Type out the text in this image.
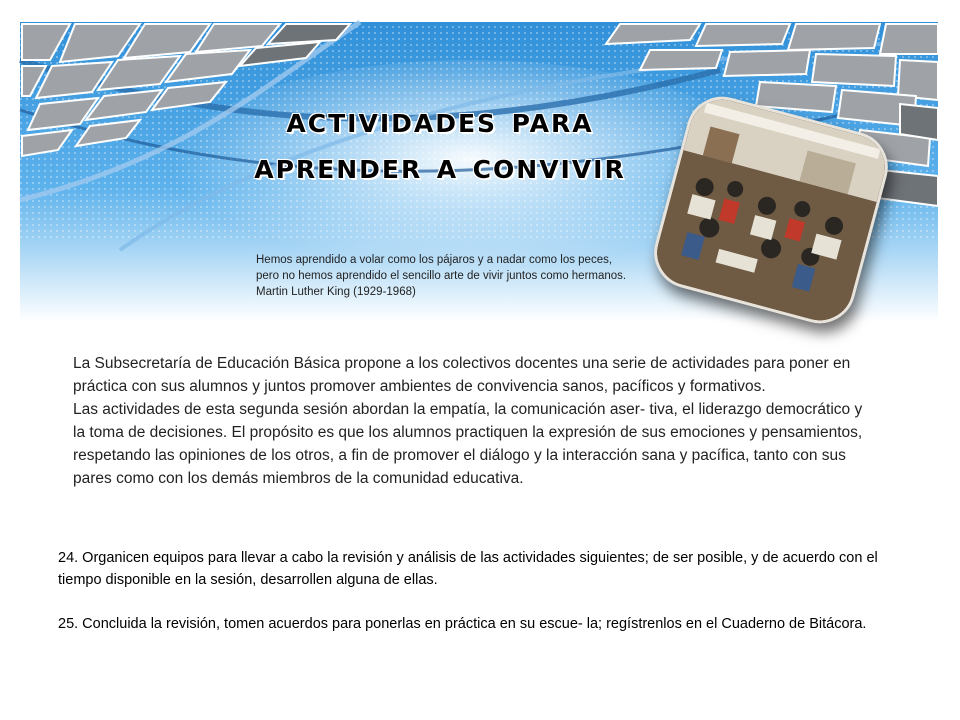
actividades para aprender a convivir

Hemos aprendido a volar como los pájaros y a nadar como los peces, pero no hemos aprendido el sencillo arte de vivir juntos como hermanos.

Martin Luther King (1929-1968)

La Subsecretaría de Educación Básica propone a los colectivos docentes una serie de actividades para poner en práctica con sus alumnos y juntos promover ambientes de convivencia sanos, pacíficos y formativos.

Las actividades de esta segunda sesión abordan la empatía, la comunicación aser- tiva, el liderazgo democrático y la toma de decisiones. El propósito es que los alumnos practiquen la expresión de sus emociones y pensamientos, respetando las opiniones de los otros, a fin de promover el diálogo y la interacción sana y pacífica, tanto con sus pares como con los demás miembros de la comunidad educativa.

24. Organicen equipos para llevar a cabo la revisión y análisis de las actividades siguientes; de ser posible, y de acuerdo con el tiempo disponible en la sesión, desarrollen alguna de ellas.

25. Concluida la revisión, tomen acuerdos para ponerlas en práctica en su escue- la; regístrenlos en el Cuaderno de Bitácora.
